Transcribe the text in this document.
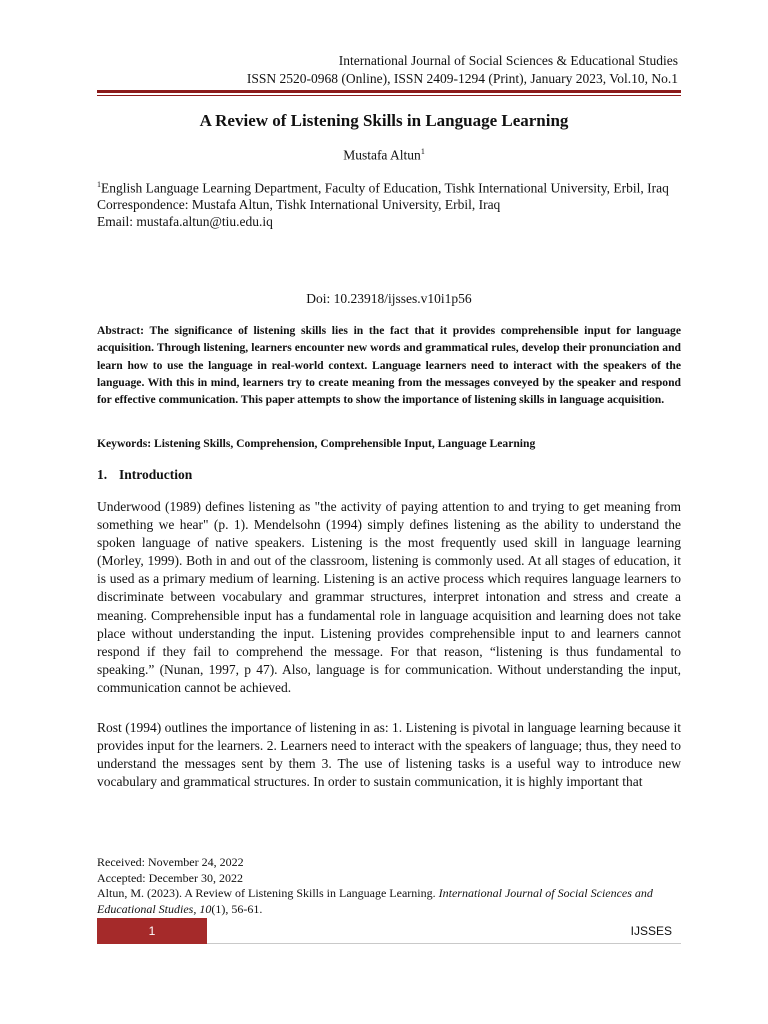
International Journal of Social Sciences & Educational Studies
ISSN 2520-0968 (Online), ISSN 2409-1294 (Print), January 2023, Vol.10, No.1
A Review of Listening Skills in Language Learning
Mustafa Altun$^1$
$^1$English Language Learning Department, Faculty of Education, Tishk International University, Erbil, Iraq
Correspondence: Mustafa Altun, Tishk International University, Erbil, Iraq
Email: mustafa.altun@tiu.edu.iq
Doi: 10.23918/ijsses.v10i1p56
Abstract: The significance of listening skills lies in the fact that it provides comprehensible input for language acquisition. Through listening, learners encounter new words and grammatical rules, develop their pronunciation and learn how to use the language in real-world context. Language learners need to interact with the speakers of the language. With this in mind, learners try to create meaning from the messages conveyed by the speaker and respond for effective communication. This paper attempts to show the importance of listening skills in language acquisition.
Keywords: Listening Skills, Comprehension, Comprehensible Input, Language Learning
1. Introduction

Underwood (1989) defines listening as "the activity of paying attention to and trying to get meaning from something we hear" (p. 1). Mendelsohn (1994) simply defines listening as the ability to understand the spoken language of native speakers. Listening is the most frequently used skill in language learning (Morley, 1999). Both in and out of the classroom, listening is commonly used. At all stages of education, it is used as a primary medium of learning. Listening is an active process which requires language learners to discriminate between vocabulary and grammar structures, interpret intonation and stress and create a meaning. Comprehensible input has a fundamental role in language acquisition and learning does not take place without understanding the input. Listening provides comprehensible input to and learners cannot respond if they fail to comprehend the message. For that reason, “listening is thus fundamental to speaking.” (Nunan, 1997, p 47). Also, language is for communication. Without understanding the input, communication cannot be achieved.

Rost (1994) outlines the importance of listening in as: 1. Listening is pivotal in language learning because it provides input for the learners. 2. Learners need to interact with the speakers of language; thus, they need to understand the messages sent by them 3. The use of listening tasks is a useful way to introduce new vocabulary and grammatical structures. In order to sustain communication, it is highly important that

Received: November 24, 2022
Accepted: December 30, 2022
Altun, M. (2023). A Review of Listening Skills in Language Learning. International Journal of Social Sciences and Educational Studies, 10(1), 56-61.
1	IJSSES
